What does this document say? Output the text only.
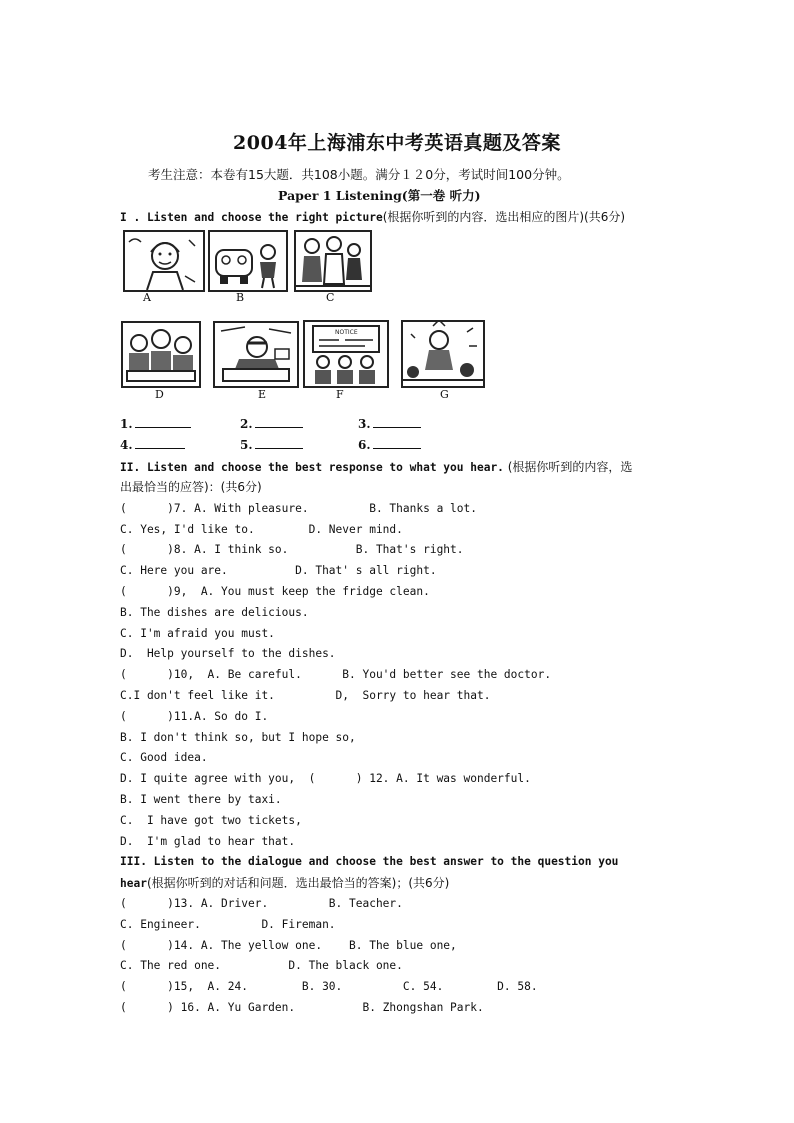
2004年上海浦东中考英语真题及答案
考生注意：本卷有15大题．共108小题。满分１２0分，考试时间100分钟。
Paper 1 Listening(第一卷 听力)
I . Listen and choose the right picture(根据你听到的内容．选出相应的图片)(共6分)
A	B	C
D	E
NOTICE
F	G
1.	2.	3.
4.	5.	6.
II. Listen and choose the best response to what you hear. (根据你听到的内容，选
出最恰当的应答)：(共6分)
(      )7. A. With pleasure.         B. Thanks a lot.
C. Yes, I'd like to.        D. Never mind.
(      )8. A. I think so.          B. That's right.
C. Here you are.          D. That' s all right.
(      )9,  A. You must keep the fridge clean.
B. The dishes are delicious.
C. I'm afraid you must.
D.  Help yourself to the dishes.
(      )10,  A. Be careful.      B. You'd better see the doctor.
C.I don't feel like it.         D,  Sorry to hear that.
(      )11.A. So do I.
B. I don't think so, but I hope so,
C. Good idea.
D. I quite agree with you,  (      ) 12. A. It was wonderful.
B. I went there by taxi.
C.  I have got two tickets,
D.  I'm glad to hear that.
III. Listen to the dialogue and choose the best answer to the question you
hear(根据你听到的对话和问题．选出最恰当的答案)；(共6分)
(      )13. A. Driver.         B. Teacher.
C. Engineer.         D. Fireman.
(      )14. A. The yellow one.    B. The blue one,
C. The red one.          D. The black one.
(      )15,  A. 24.        B. 30.         C. 54.        D. 58.
(      ) 16. A. Yu Garden.          B. Zhongshan Park.
